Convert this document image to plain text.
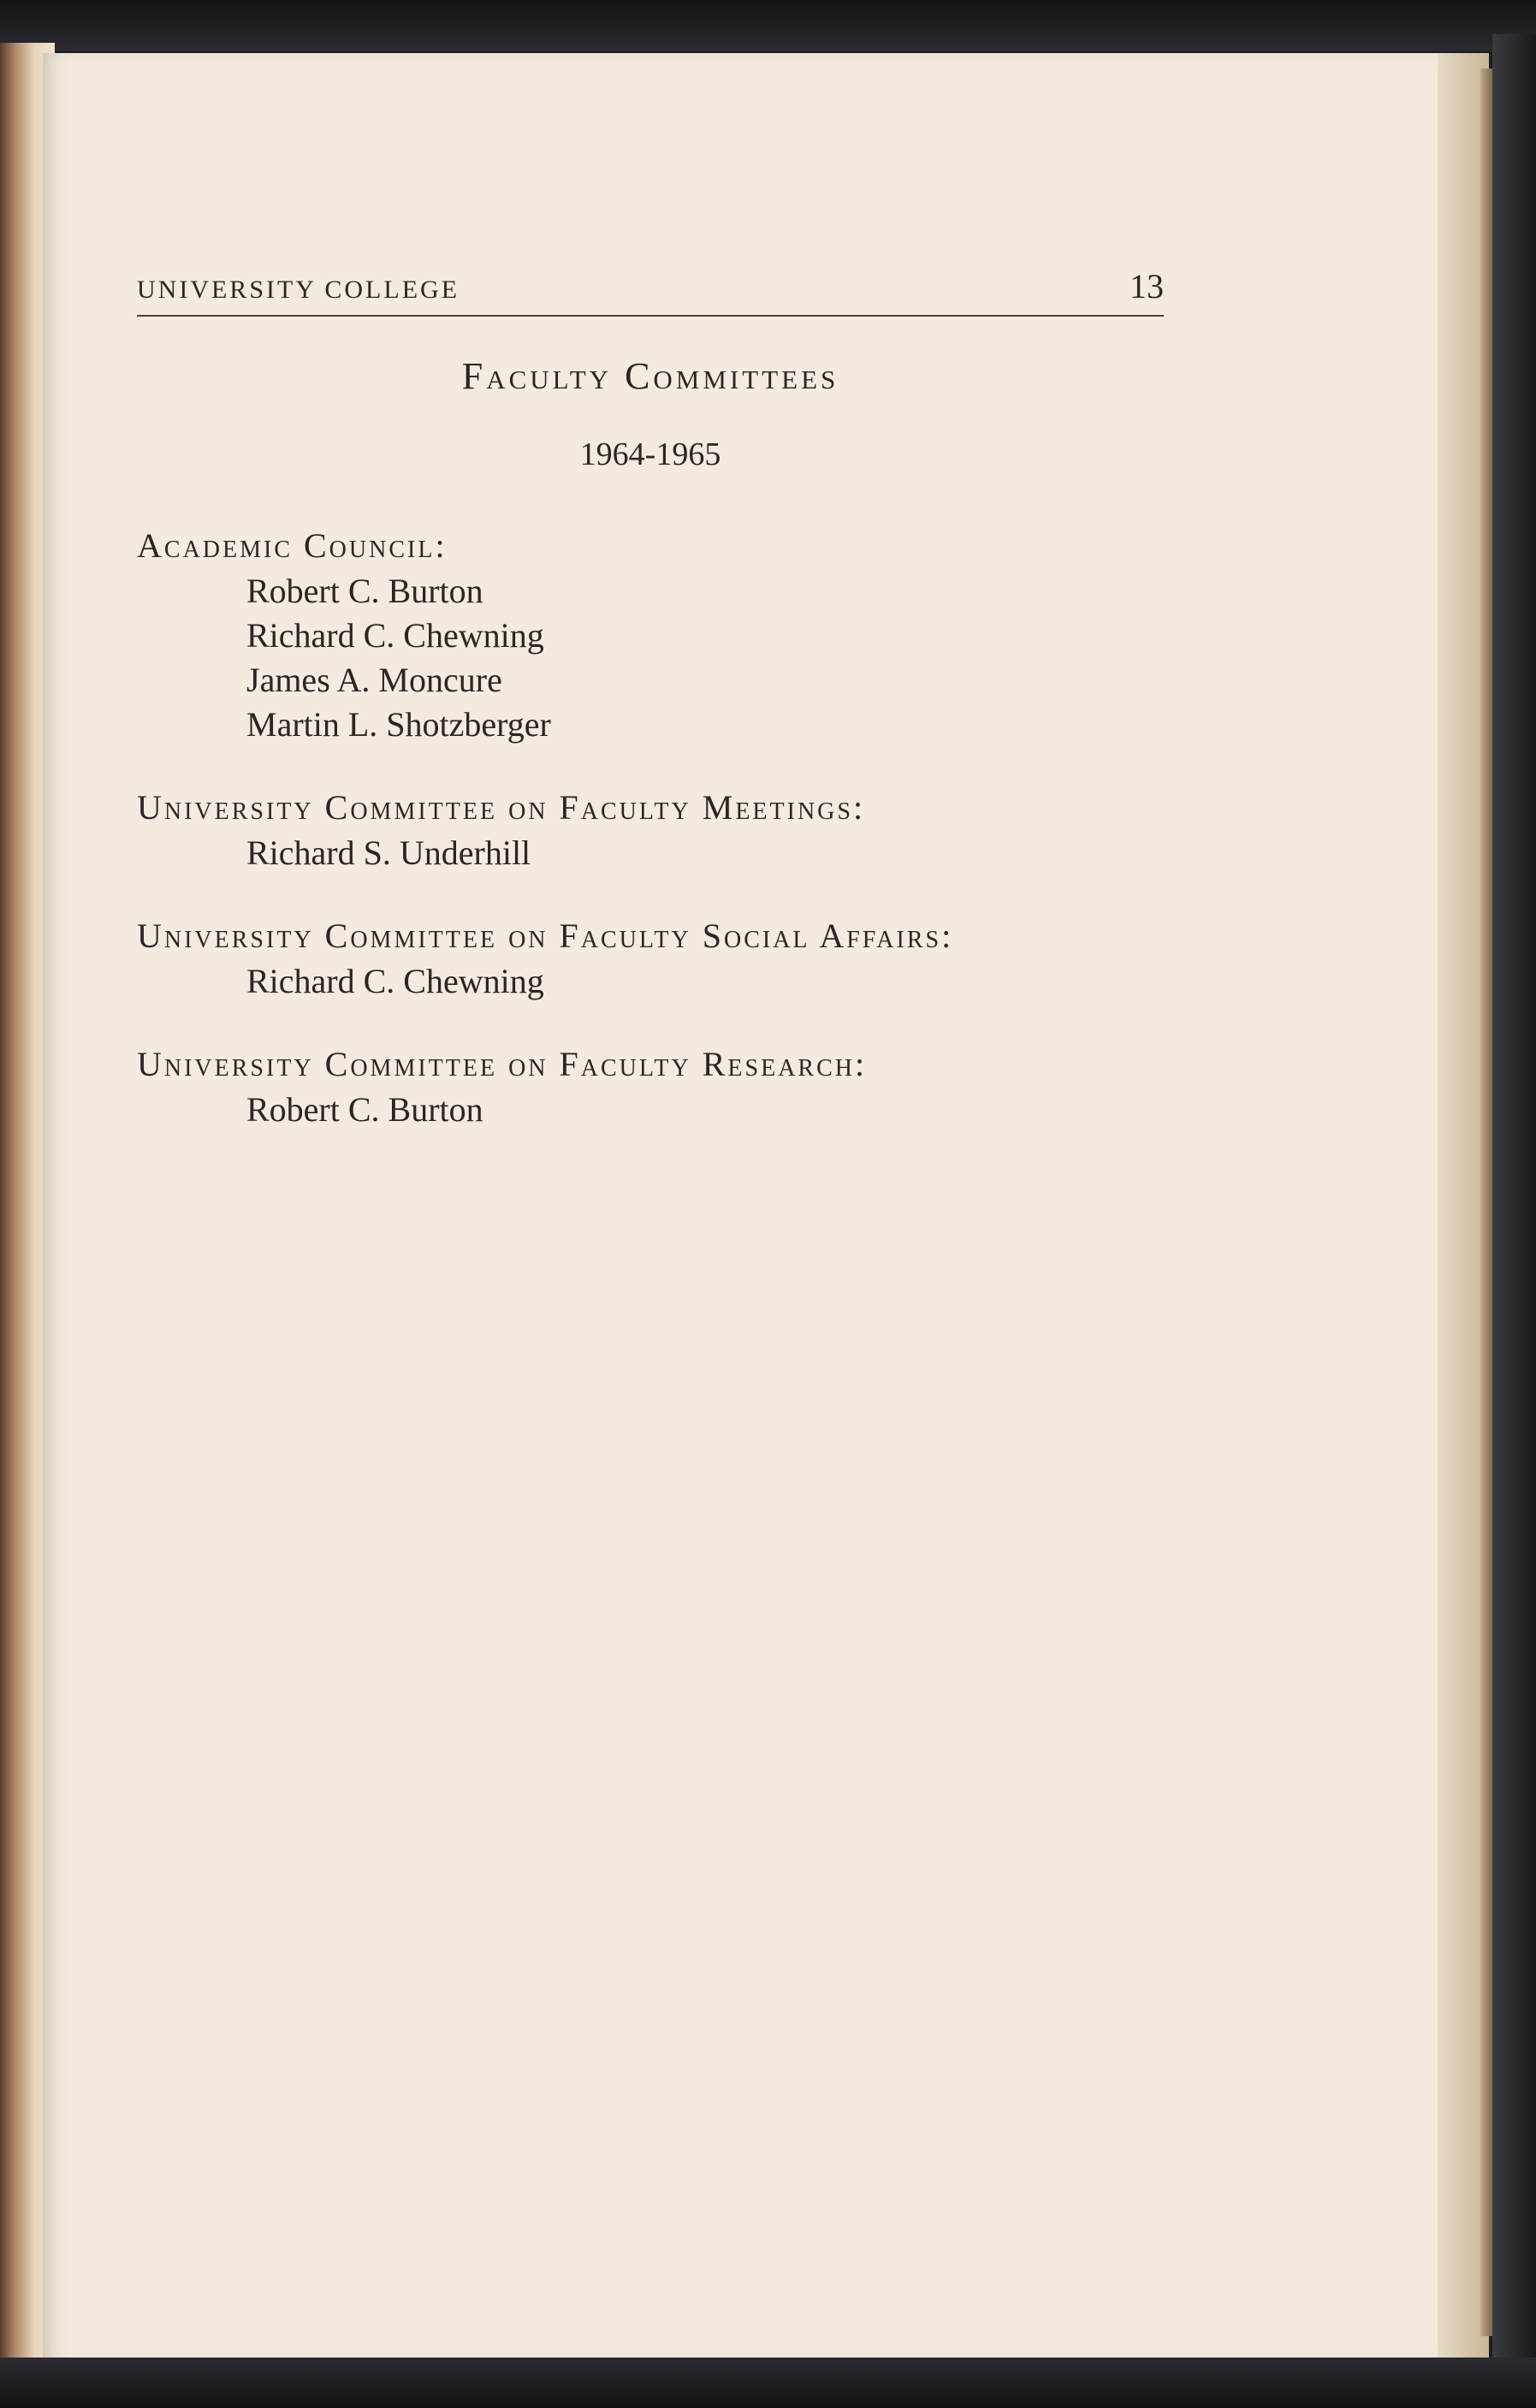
UNIVERSITY COLLEGE	13
Faculty Committees
1964-1965
Academic Council:
Robert C. Burton
Richard C. Chewning
James A. Moncure
Martin L. Shotzberger
University Committee on Faculty Meetings:
Richard S. Underhill
University Committee on Faculty Social Affairs:
Richard C. Chewning
University Committee on Faculty Research:
Robert C. Burton
